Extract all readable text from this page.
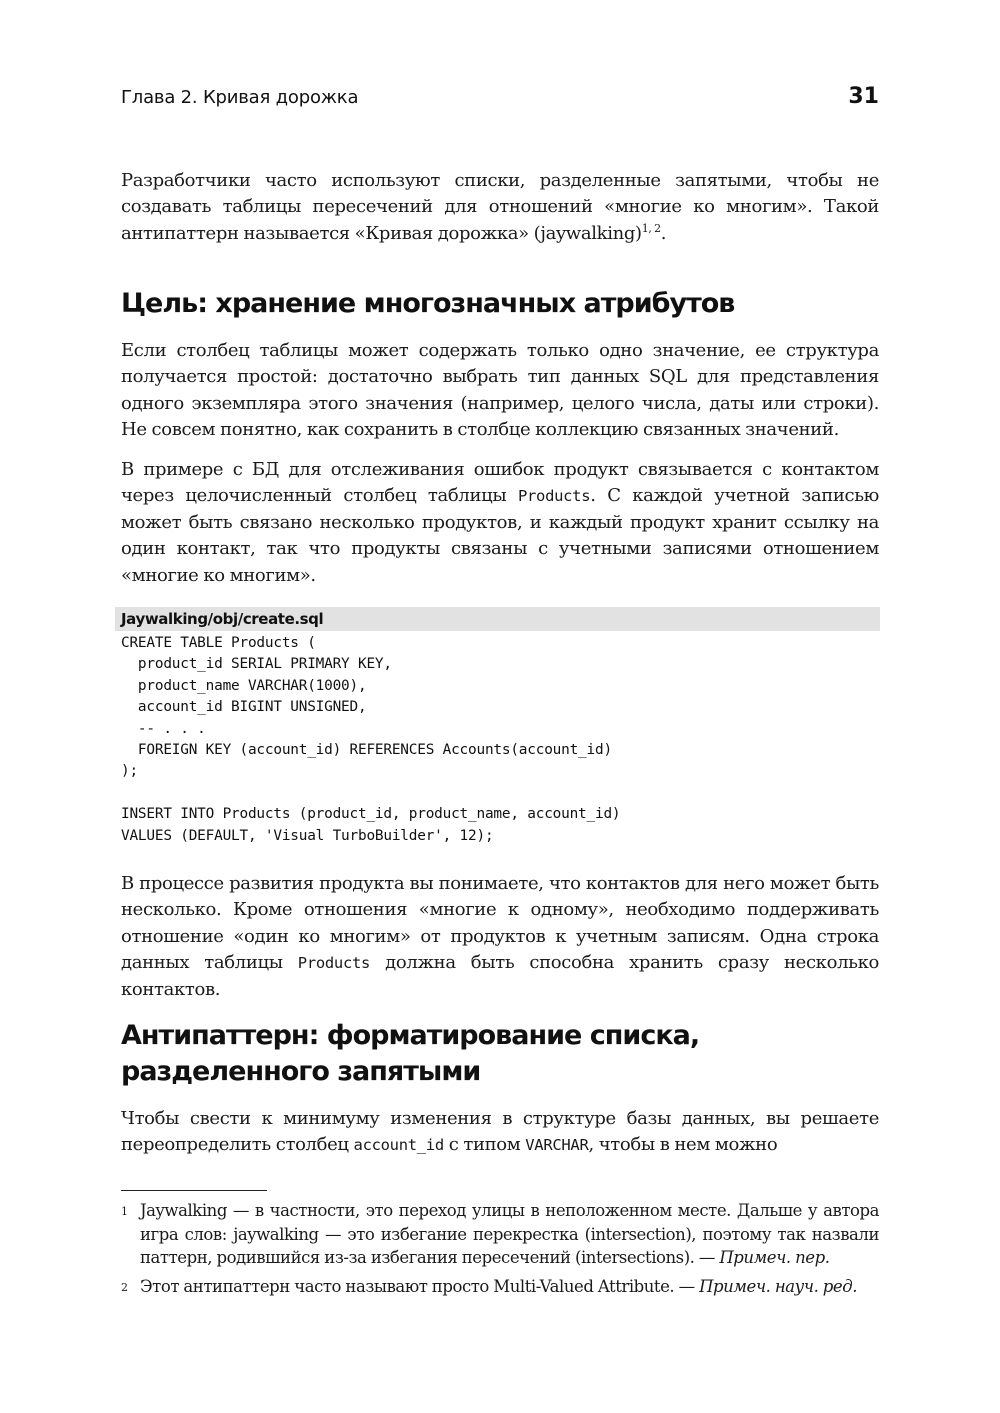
Глава 2. Кривая дорожка	31

Разработчики часто используют списки, разделенные запятыми, чтобы не создавать таблицы пересечений для отношений «многие ко многим». Такой антипаттерн называется «Кривая дорожка» (jaywalking)$^{1, 2}$.

Цель: хранение многозначных атрибутов

Если столбец таблицы может содержать только одно значение, ее структура получается простой: достаточно выбрать тип данных SQL для представления одного экземпляра этого значения (например, целого числа, даты или строки). Не совсем понятно, как сохранить в столбце коллекцию связанных значений.

В примере с БД для отслеживания ошибок продукт связывается с контактом через целочисленный столбец таблицы Products. С каждой учетной записью может быть связано несколько продуктов, и каждый продукт хранит ссылку на один контакт, так что продукты связаны с учетными записями отношением «многие ко многим».

Jaywalking/obj/create.sql
CREATE TABLE Products (
product_id SERIAL PRIMARY KEY,
product_name VARCHAR(1000),
account_id BIGINT UNSIGNED,
-- . . .
FOREIGN KEY (account_id) REFERENCES Accounts(account_id)
);
INSERT INTO Products (product_id, product_name, account_id)
VALUES (DEFAULT, 'Visual TurboBuilder', 12);

В процессе развития продукта вы понимаете, что контактов для него может быть несколько. Кроме отношения «многие к одному», необходимо поддерживать отношение «один ко многим» от продуктов к учетным записям. Одна строка данных таблицы Products должна быть способна хранить сразу несколько контактов.

Антипаттерн: форматирование списка,
разделенного запятыми

Чтобы свести к минимуму изменения в структуре базы данных, вы решаете переопределить столбец account_id с типом VARCHAR, чтобы в нем можно

1 Jaywalking — в частности, это переход улицы в неположенном месте. Дальше у автора игра слов: jaywalking — это избегание перекрестка (intersection), поэтому так назвали паттерн, родившийся из-за избегания пересечений (intersections). — Примеч. пер.
2 Этот антипаттерн часто называют просто Multi-Valued Attribute. — Примеч. науч. ред.
